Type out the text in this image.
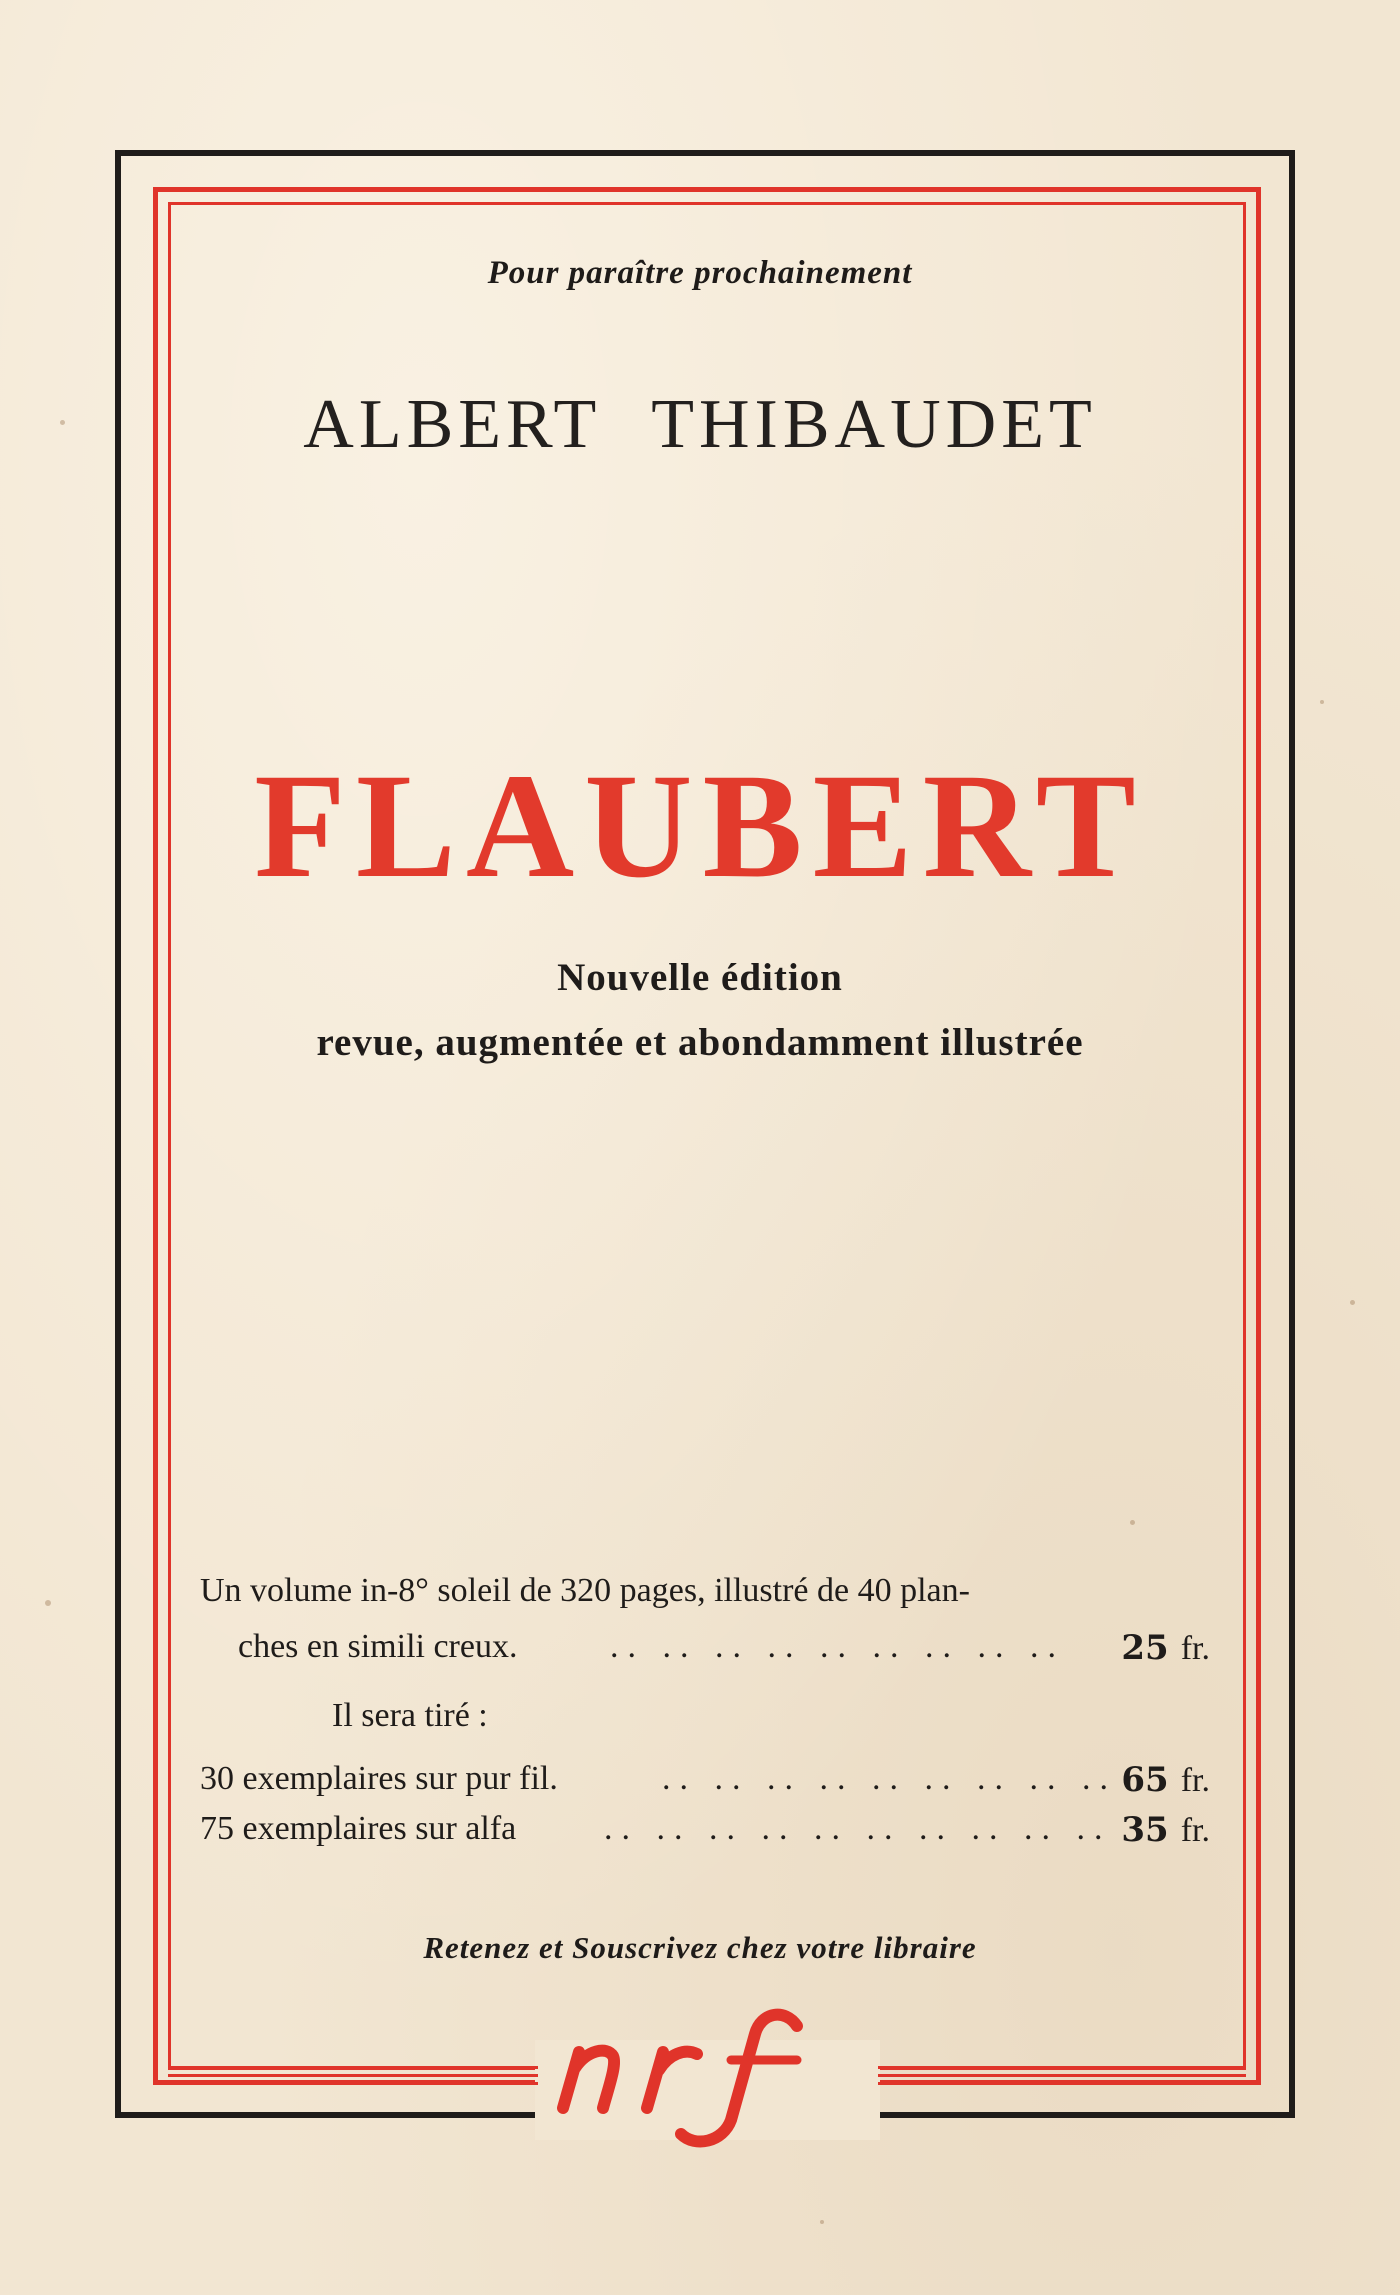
Pour paraître prochainement
ALBERT THIBAUDET
FLAUBERT
Nouvelle édition
revue, augmentée et abondamment illustrée
Un volume in-8° soleil de 320 pages, illustré de 40 plan-
ches en simili creux.	.. .. .. .. .. .. .. .. .. 25 fr.
Il sera tiré :
30 exemplaires sur pur fil.	.. .. .. .. .. .. .. .. .. 65 fr.
75 exemplaires sur alfa	.. .. .. .. .. .. .. .. .. .. 35 fr.
Retenez et Souscrivez chez votre libraire
